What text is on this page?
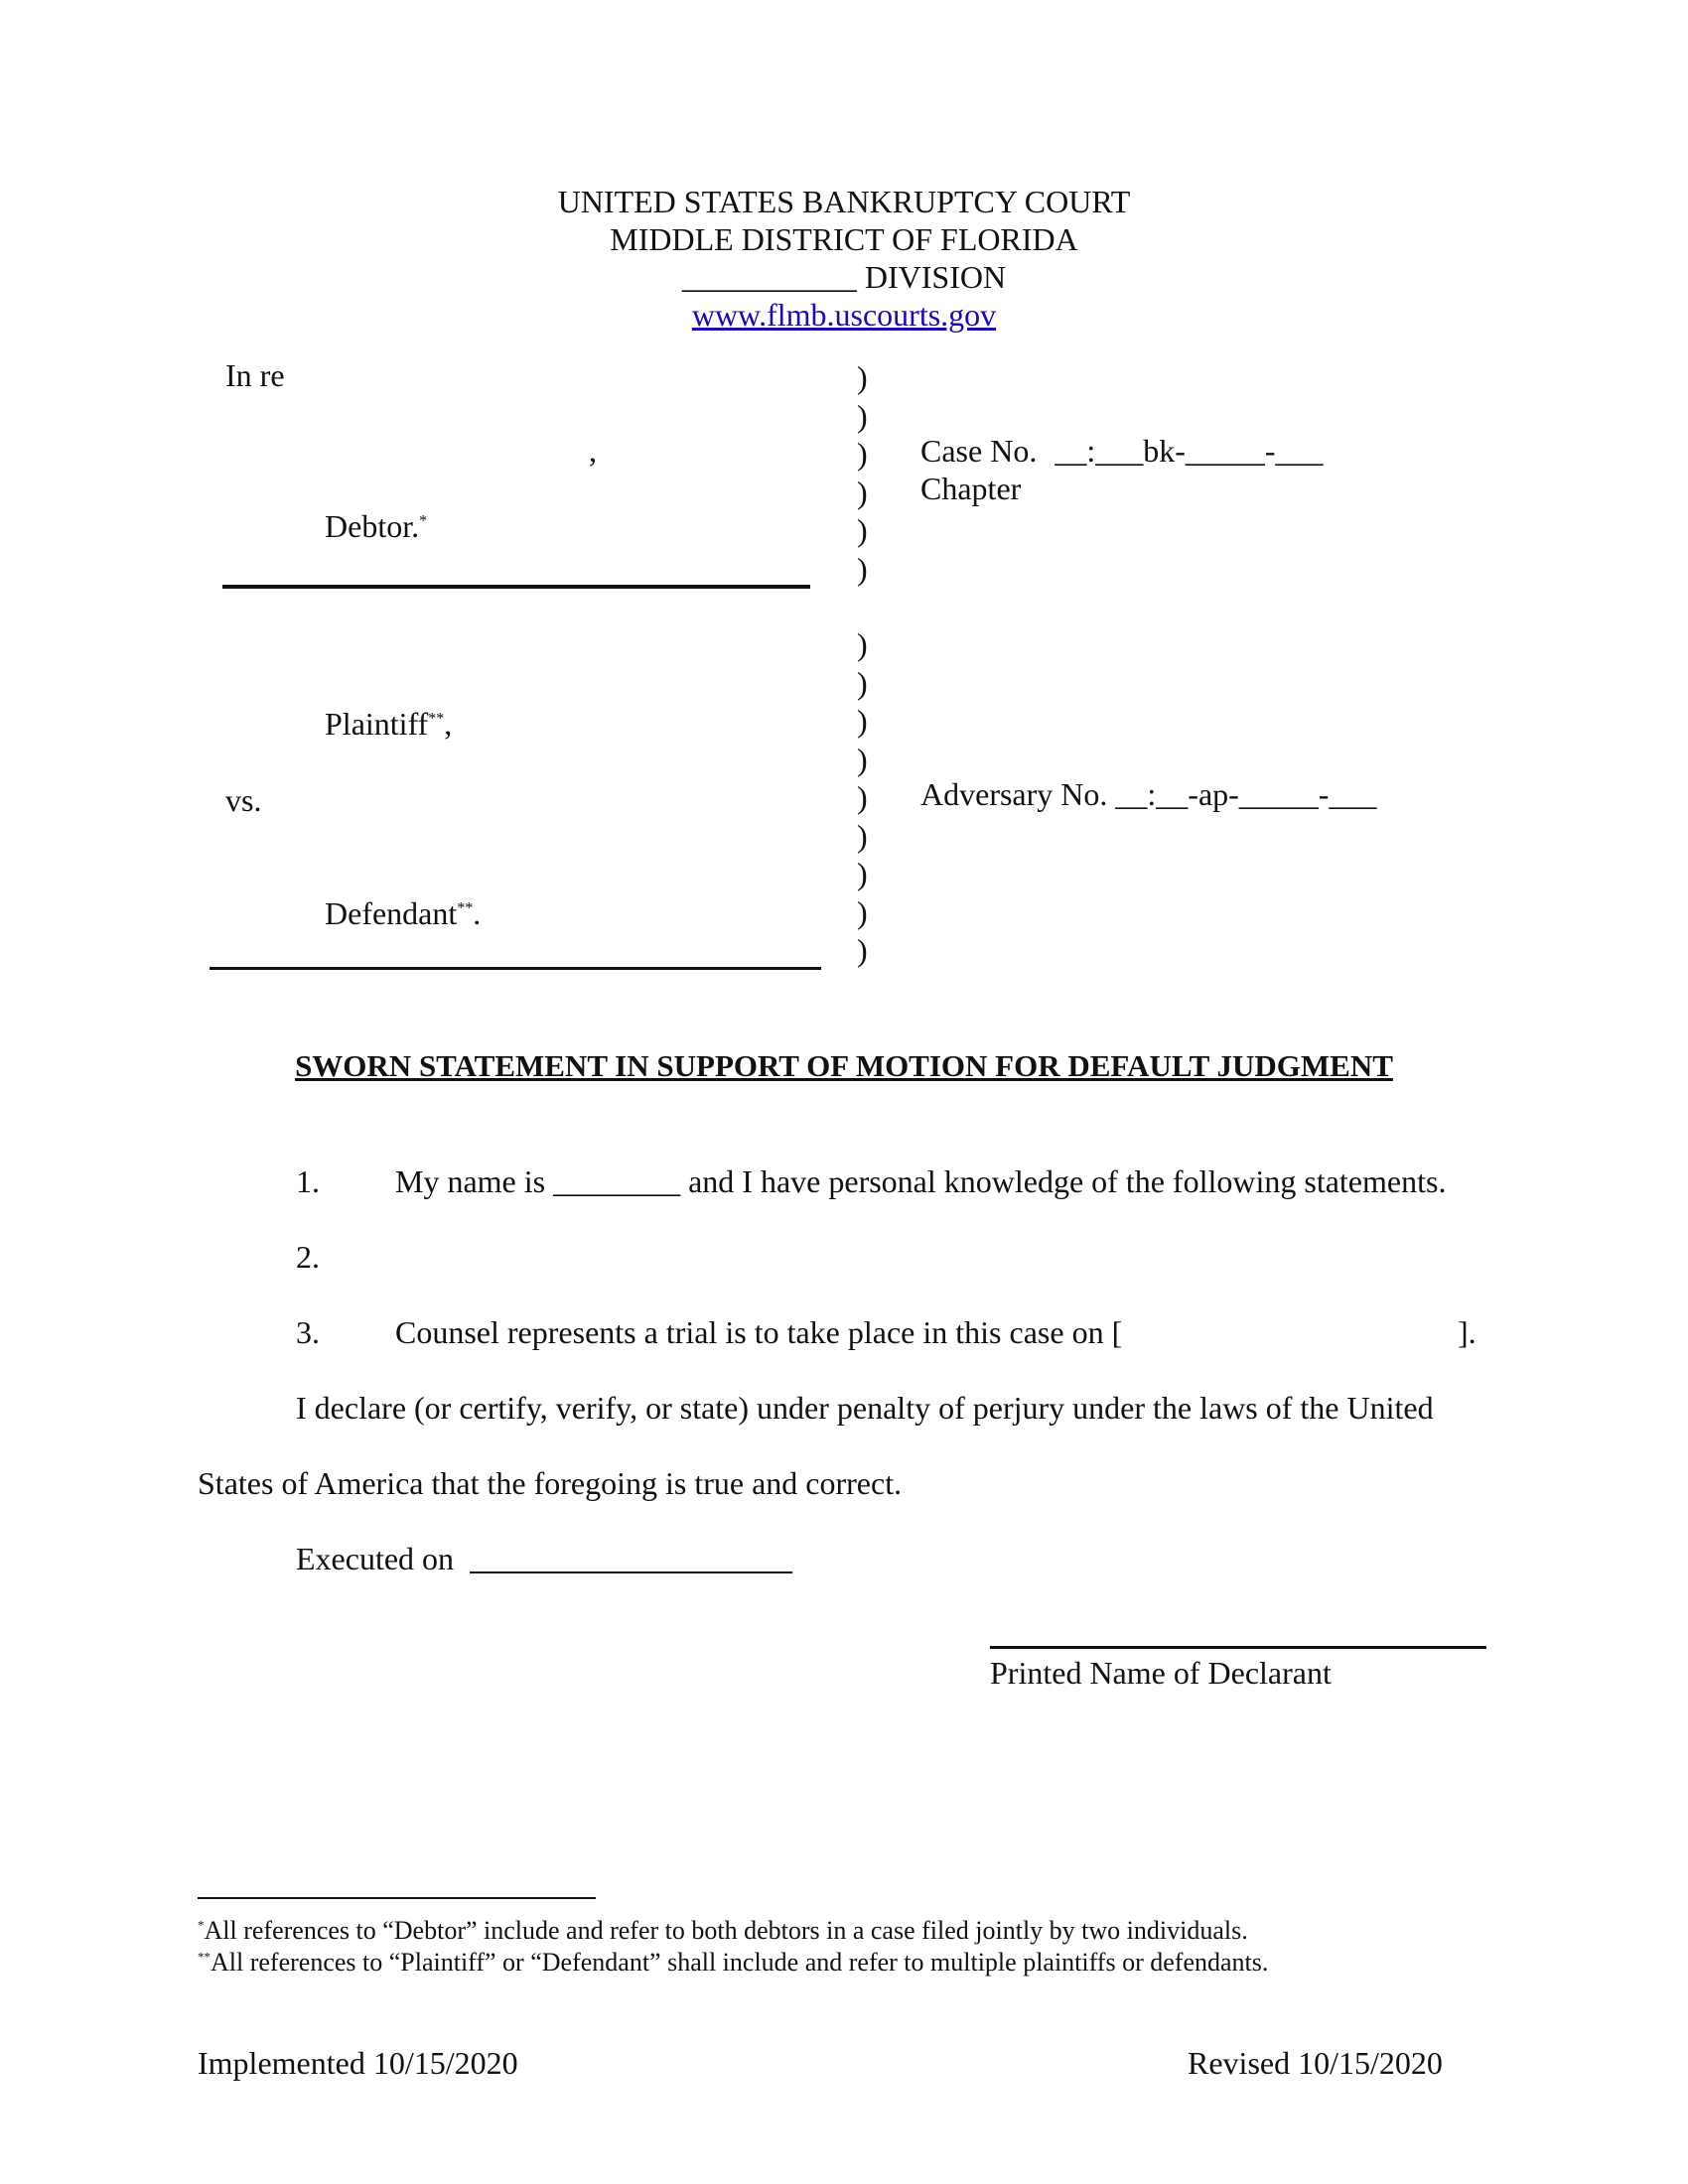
UNITED STATES BANKRUPTCY COURT
MIDDLE DISTRICT OF FLORIDA
___________ DIVISION
www.flmb.uscourts.gov
In re
,
Debtor.*
Plaintiff**,
vs.
Defendant**.
)
)
)
)
)
)
)
)
)
)
)
)
)
)
)
Case No. __:___bk-_____-___
Chapter
Adversary No. __:__-ap-_____-___
SWORN STATEMENT IN SUPPORT OF MOTION FOR DEFAULT JUDGMENT
1. My name is ________ and I have personal knowledge of the following statements.
2.
3. Counsel represents a trial is to take place in this case on [	].
I declare (or certify, verify, or state) under penalty of perjury under the laws of the United
States of America that the foregoing is true and correct.
Executed on
Printed Name of Declarant
*All references to “Debtor” include and refer to both debtors in a case filed jointly by two individuals.
**All references to “Plaintiff” or “Defendant” shall include and refer to multiple plaintiffs or defendants.
Implemented 10/15/2020	Revised 10/15/2020
